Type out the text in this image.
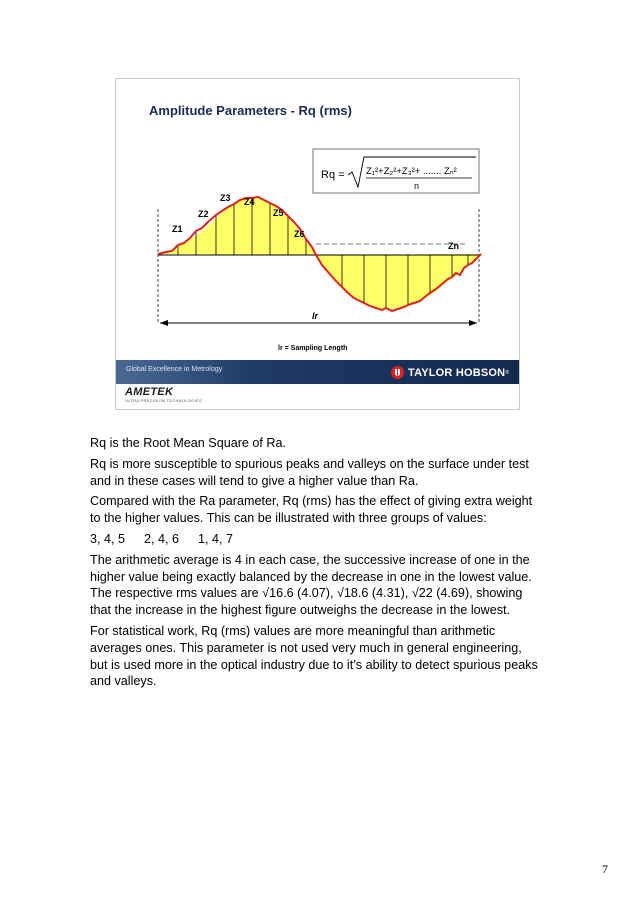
Amplitude Parameters - Rq (rms)
Rq = Z₁²+Z₂²+Z₃²+ ....... Zₙ²
n
Z1
Z2
Z3 Z4
Z5
Z6
Zn
lr
lr = Sampling Length
Global Excellence in Metrology	TAYLOR HOBSON ®
AMETEK
ULTRA PRECISION TECHNOLOGIES

Rq is the Root Mean Square of Ra.

Rq is more susceptible to spurious peaks and valleys on the surface under test and in these cases will tend to give a higher value than Ra.

Compared with the Ra parameter, Rq (rms) has the effect of giving extra weight to the higher values. This can be illustrated with three groups of values:

3, 4, 5 2, 4, 6 1, 4, 7

The arithmetic average is 4 in each case, the successive increase of one in the higher value being exactly balanced by the decrease in one in the lowest value. The respective rms values are √16.6 (4.07), √18.6 (4.31), √22 (4.69), showing that the increase in the highest figure outweighs the decrease in the lowest.

For statistical work, Rq (rms) values are more meaningful than arithmetic averages ones. This parameter is not used very much in general engineering, but is used more in the optical industry due to it’s ability to detect spurious peaks and valleys.

7
